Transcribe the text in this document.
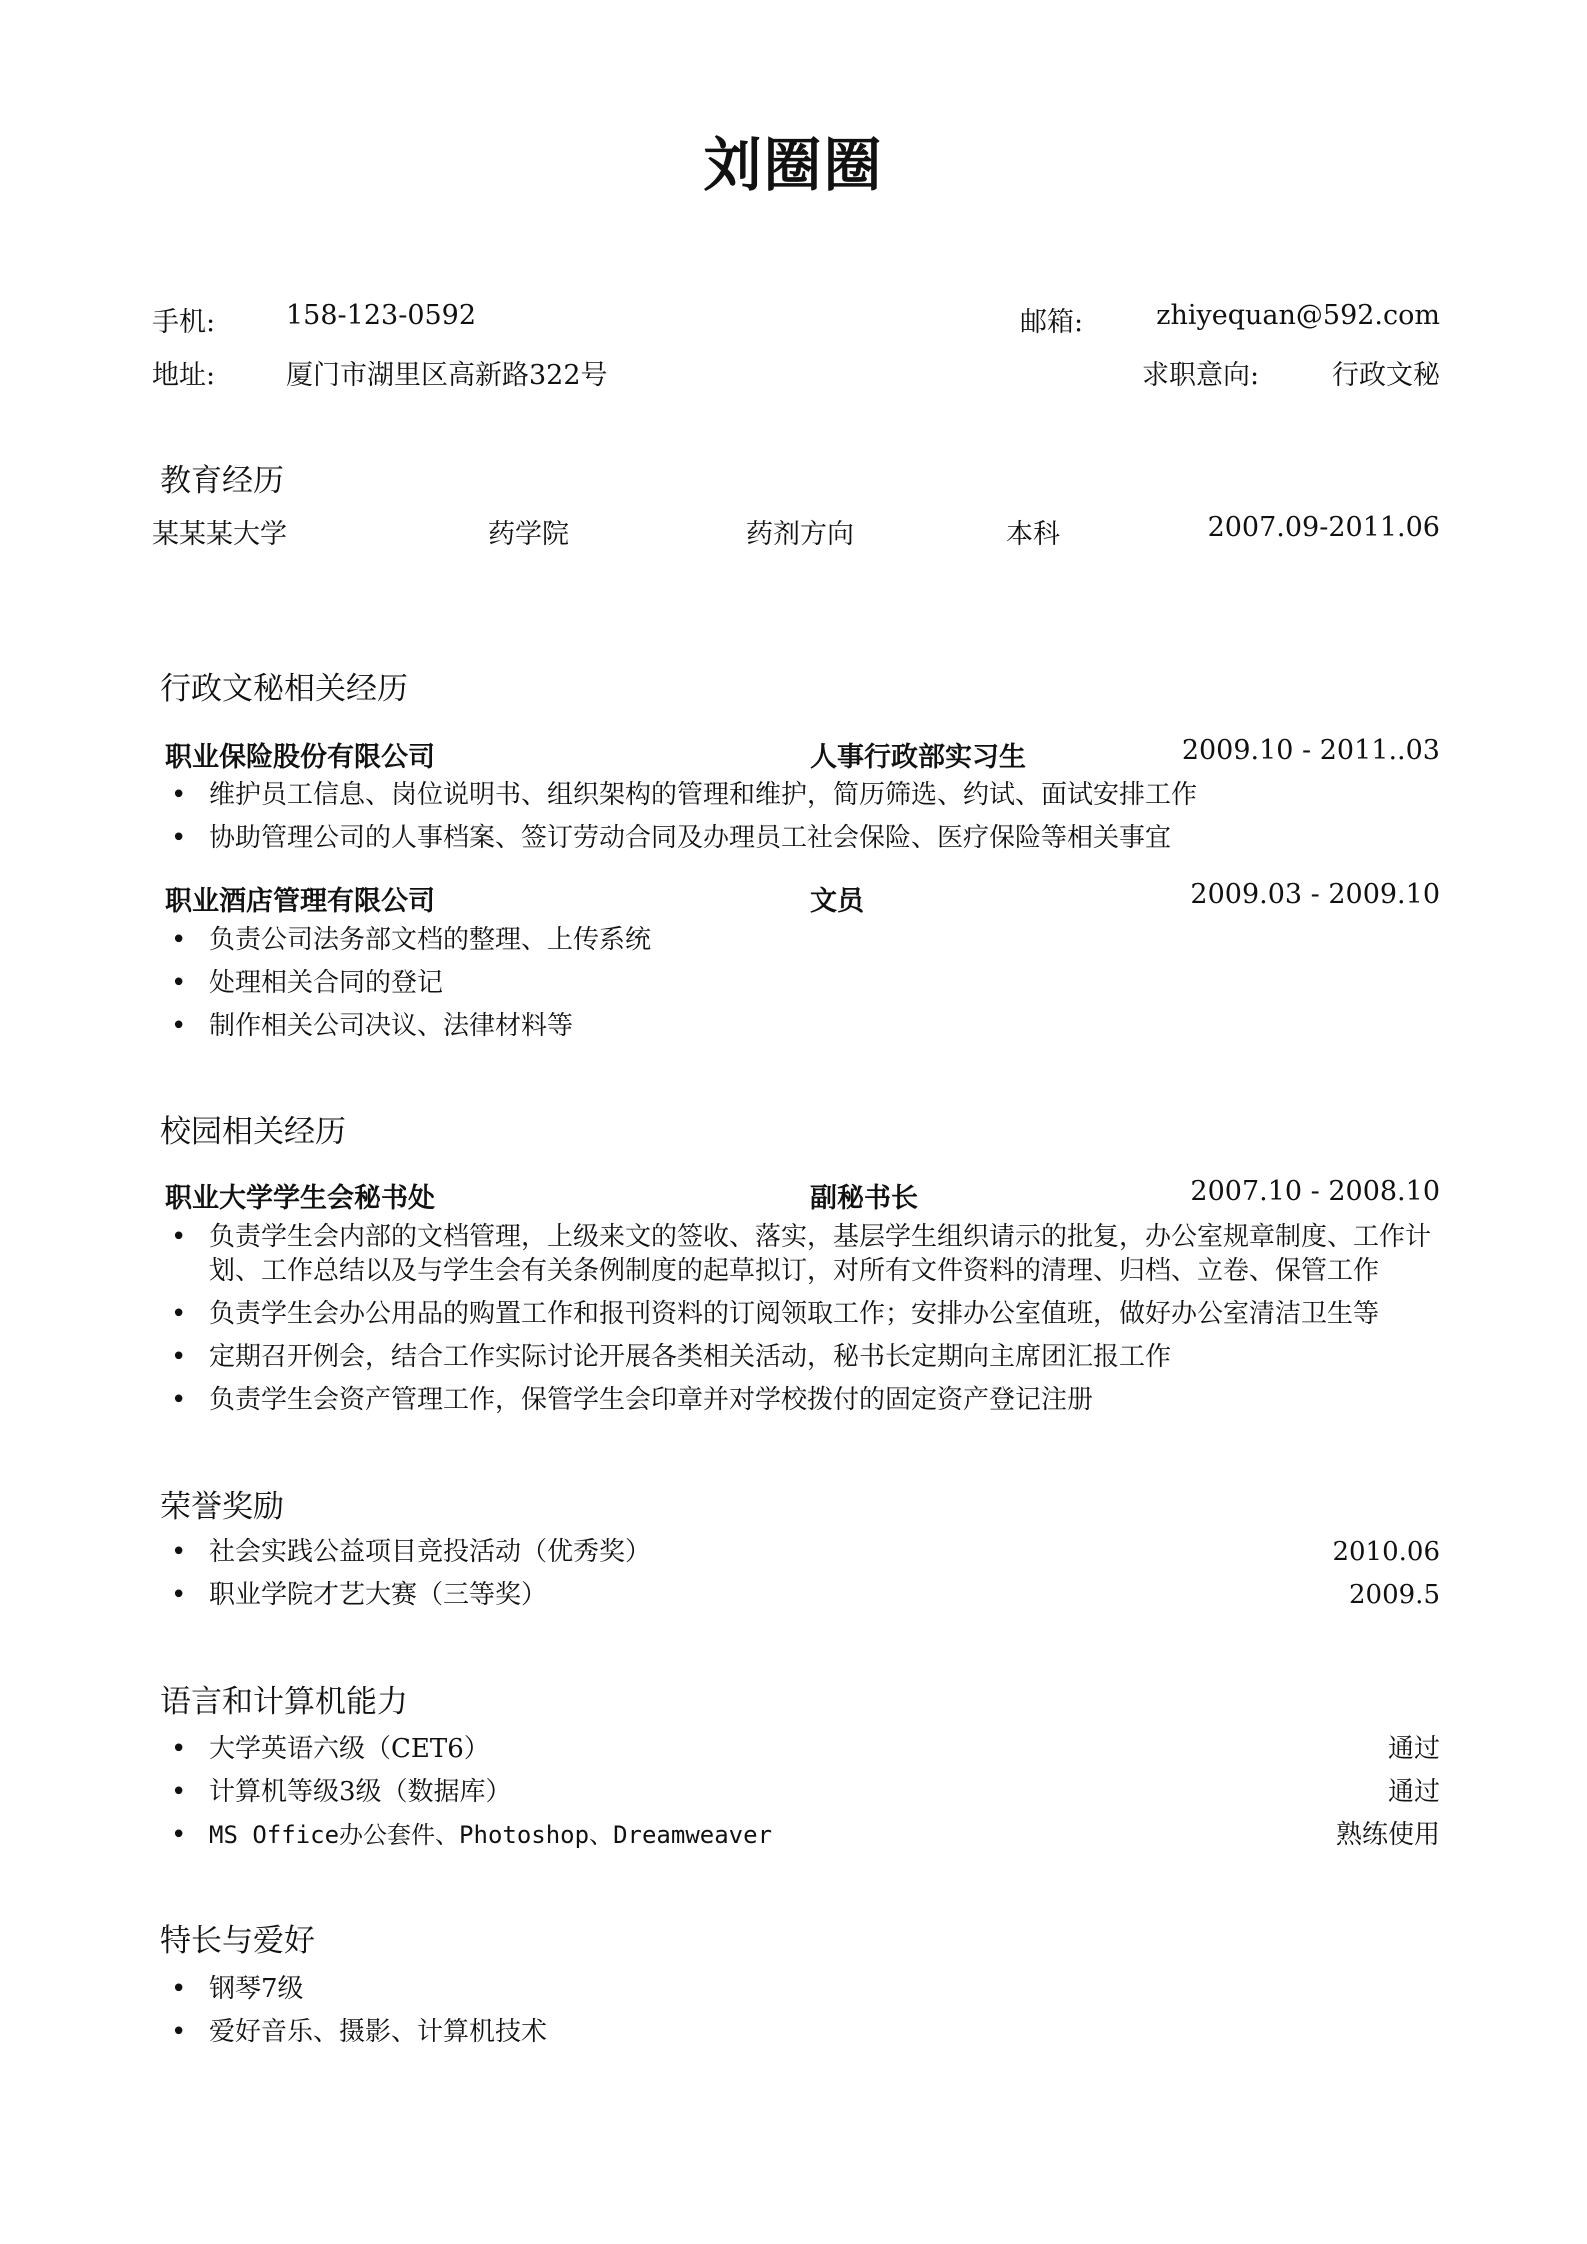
刘圈圈
手机:	158-123-0592	邮箱:	zhiyequan@592.com
地址:	厦门市湖里区高新路322号	求职意向:	行政文秘
教育经历
某某某大学	药学院	药剂方向	本科	2007.09-2011.06
行政文秘相关经历
职业保险股份有限公司	人事行政部实习生	2009.10 - 2011..03
• 维护员工信息、岗位说明书、组织架构的管理和维护，简历筛选、约试、面试安排工作
• 协助管理公司的人事档案、签订劳动合同及办理员工社会保险、医疗保险等相关事宜
职业酒店管理有限公司	文员	2009.03 - 2009.10
• 负责公司法务部文档的整理、上传系统
• 处理相关合同的登记
• 制作相关公司决议、法律材料等
校园相关经历
职业大学学生会秘书处	副秘书长	2007.10 - 2008.10
• 负责学生会内部的文档管理，上级来文的签收、落实，基层学生组织请示的批复，办公室规章制度、工作计划、工作总结以及与学生会有关条例制度的起草拟订，对所有文件资料的清理、归档、立卷、保管工作
• 负责学生会办公用品的购置工作和报刊资料的订阅领取工作；安排办公室值班，做好办公室清洁卫生等
• 定期召开例会，结合工作实际讨论开展各类相关活动，秘书长定期向主席团汇报工作
• 负责学生会资产管理工作，保管学生会印章并对学校拨付的固定资产登记注册
荣誉奖励
• 社会实践公益项目竞投活动（优秀奖）	2010.06
• 职业学院才艺大赛（三等奖）	2009.5
语言和计算机能力
• 大学英语六级（CET6）	通过
• 计算机等级3级（数据库）	通过
• MS Office办公套件、Photoshop、Dreamweaver	熟练使用
特长与爱好
• 钢琴7级
• 爱好音乐、摄影、计算机技术
